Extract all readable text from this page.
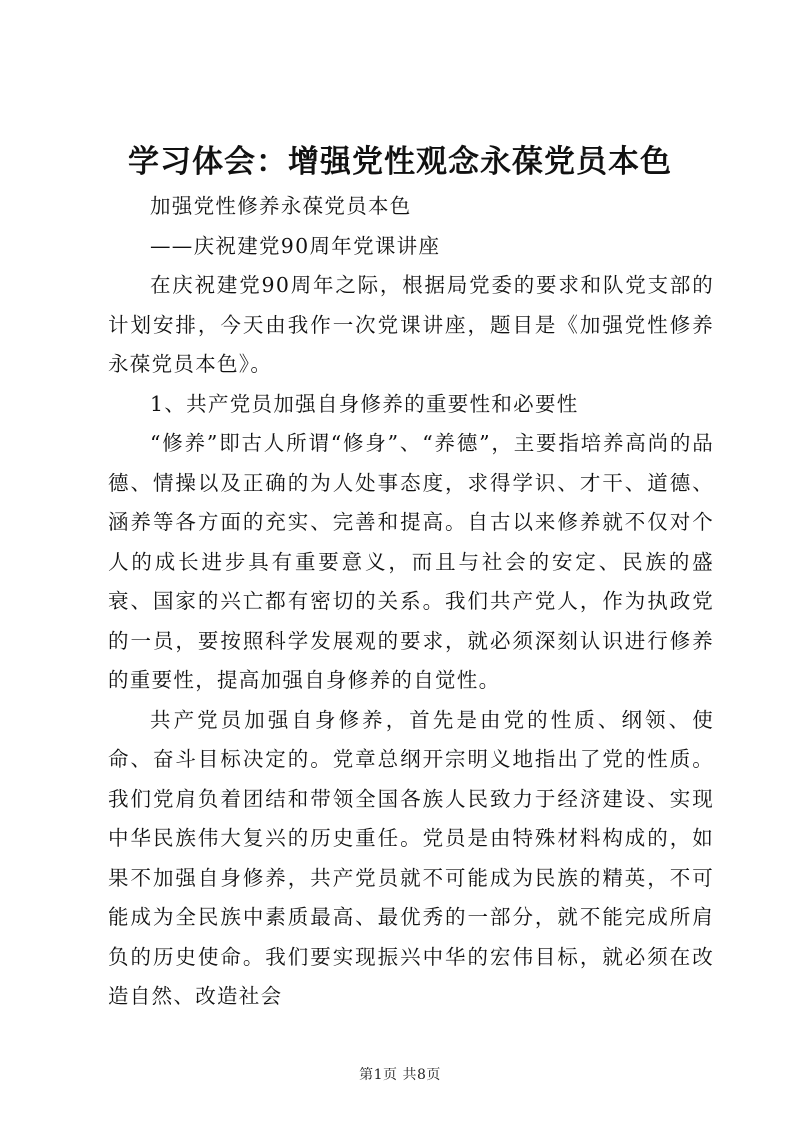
学习体会：增强党性观念永葆党员本色

加强党性修养永葆党员本色

——庆祝建党90周年党课讲座

在庆祝建党90周年之际，根据局党委的要求和队党支部的计划安排，今天由我作一次党课讲座，题目是《加强党性修养永葆党员本色》。

1、共产党员加强自身修养的重要性和必要性

“修养”即古人所谓“修身”、“养德”，主要指培养高尚的品德、情操以及正确的为人处事态度，求得学识、才干、道德、涵养等各方面的充实、完善和提高。自古以来修养就不仅对个人的成长进步具有重要意义，而且与社会的安定、民族的盛衰、国家的兴亡都有密切的关系。我们共产党人，作为执政党的一员，要按照科学发展观的要求，就必须深刻认识进行修养的重要性，提高加强自身修养的自觉性。

共产党员加强自身修养，首先是由党的性质、纲领、使命、奋斗目标决定的。党章总纲开宗明义地指出了党的性质。我们党肩负着团结和带领全国各族人民致力于经济建设、实现中华民族伟大复兴的历史重任。党员是由特殊材料构成的，如果不加强自身修养，共产党员就不可能成为民族的精英，不可能成为全民族中素质最高、最优秀的一部分，就不能完成所肩负的历史使命。我们要实现振兴中华的宏伟目标，就必须在改造自然、改造社会

第1页 共8页
